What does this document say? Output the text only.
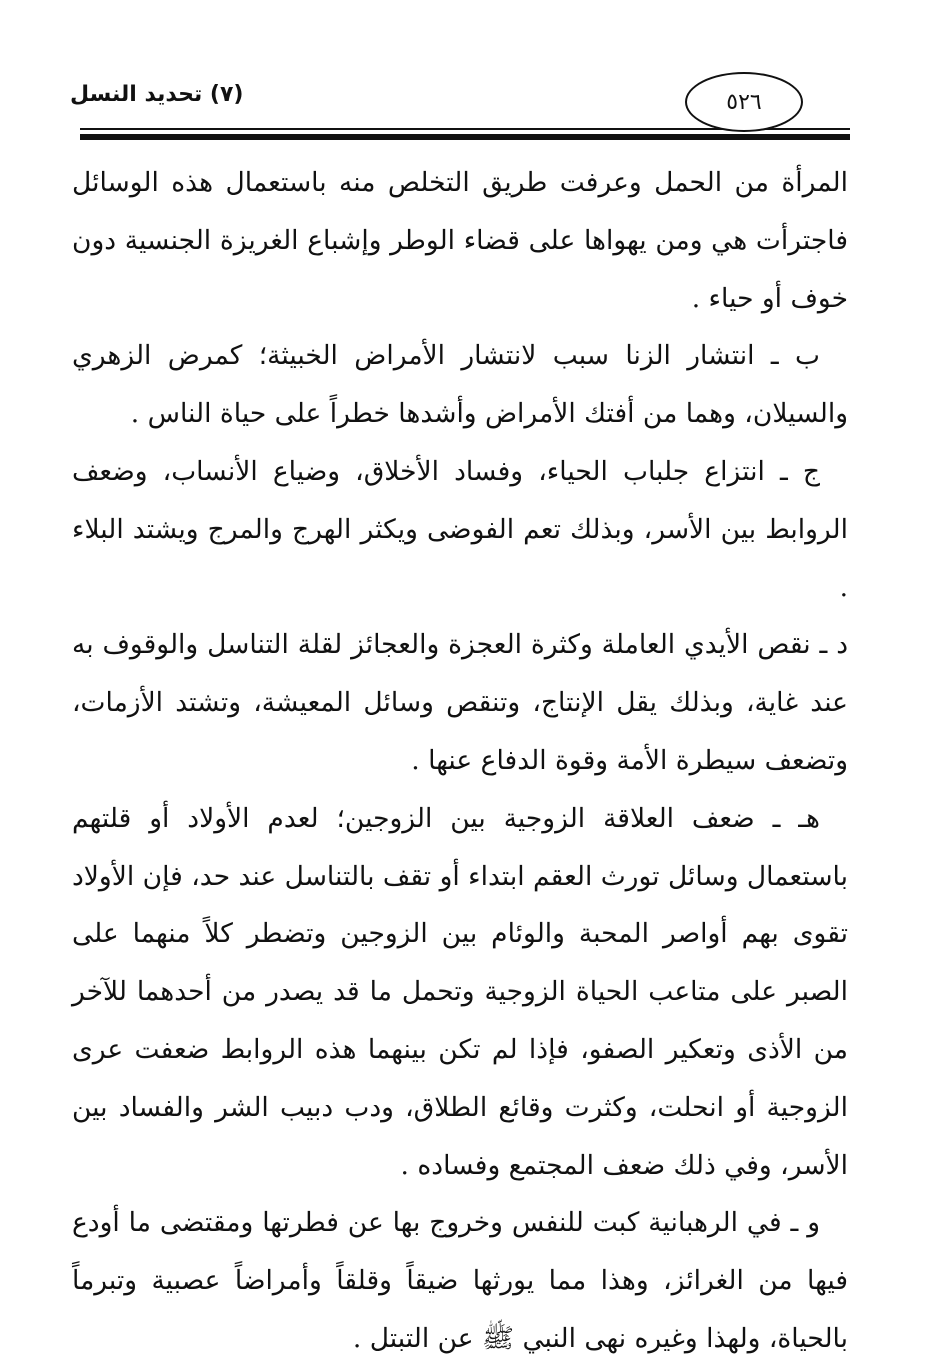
(٧) تحديد النسل	٥٢٦

المرأة من الحمل وعرفت طريق التخلص منه باستعمال هذه الوسائل فاجترأت هي ومن يهواها على قضاء الوطر وإشباع الغريزة الجنسية دون خوف أو حياء .

ب ـ انتشار الزنا سبب لانتشار الأمراض الخبيثة؛ كمرض الزهري والسيلان، وهما من أفتك الأمراض وأشدها خطراً على حياة الناس .

ج ـ انتزاع جلباب الحياء، وفساد الأخلاق، وضياع الأنساب، وضعف الروابط بين الأسر، وبذلك تعم الفوضى ويكثر الهرج والمرج ويشتد البلاء .

د ـ نقص الأيدي العاملة وكثرة العجزة والعجائز لقلة التناسل والوقوف به عند غاية، وبذلك يقل الإنتاج، وتنقص وسائل المعيشة، وتشتد الأزمات، وتضعف سيطرة الأمة وقوة الدفاع عنها .

هـ ـ ضعف العلاقة الزوجية بين الزوجين؛ لعدم الأولاد أو قلتهم باستعمال وسائل تورث العقم ابتداء أو تقف بالتناسل عند حد، فإن الأولاد تقوى بهم أواصر المحبة والوئام بين الزوجين وتضطر كلاً منهما على الصبر على متاعب الحياة الزوجية وتحمل ما قد يصدر من أحدهما للآخر من الأذى وتعكير الصفو، فإذا لم تكن بينهما هذه الروابط ضعفت عرى الزوجية أو انحلت، وكثرت وقائع الطلاق، ودب دبيب الشر والفساد بين الأسر، وفي ذلك ضعف المجتمع وفساده .

و ـ في الرهبانية كبت للنفس وخروج بها عن فطرتها ومقتضى ما أودع فيها من الغرائز، وهذا مما يورثها ضيقاً وقلقاً وأمراضاً عصبية وتبرماً بالحياة، ولهذا وغيره نهى النبي ﷺ عن التبتل .
